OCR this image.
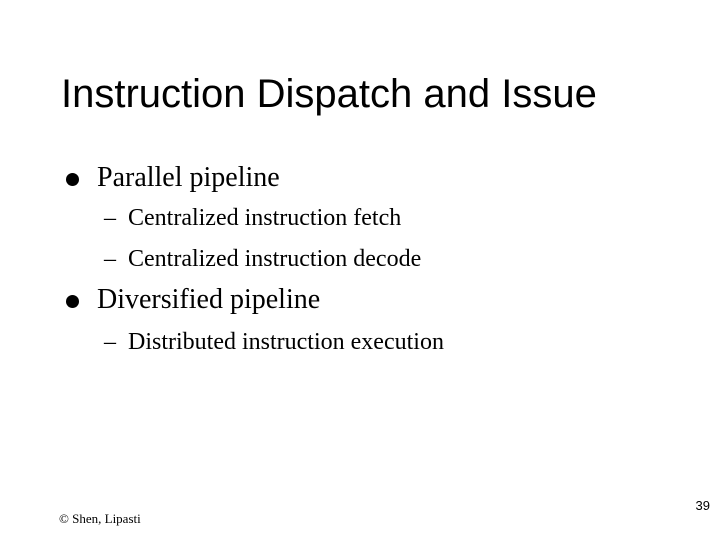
Instruction Dispatch and Issue
Parallel pipeline
– Centralized instruction fetch
– Centralized instruction decode
Diversified pipeline
– Distributed instruction execution
© Shen, Lipasti
39
